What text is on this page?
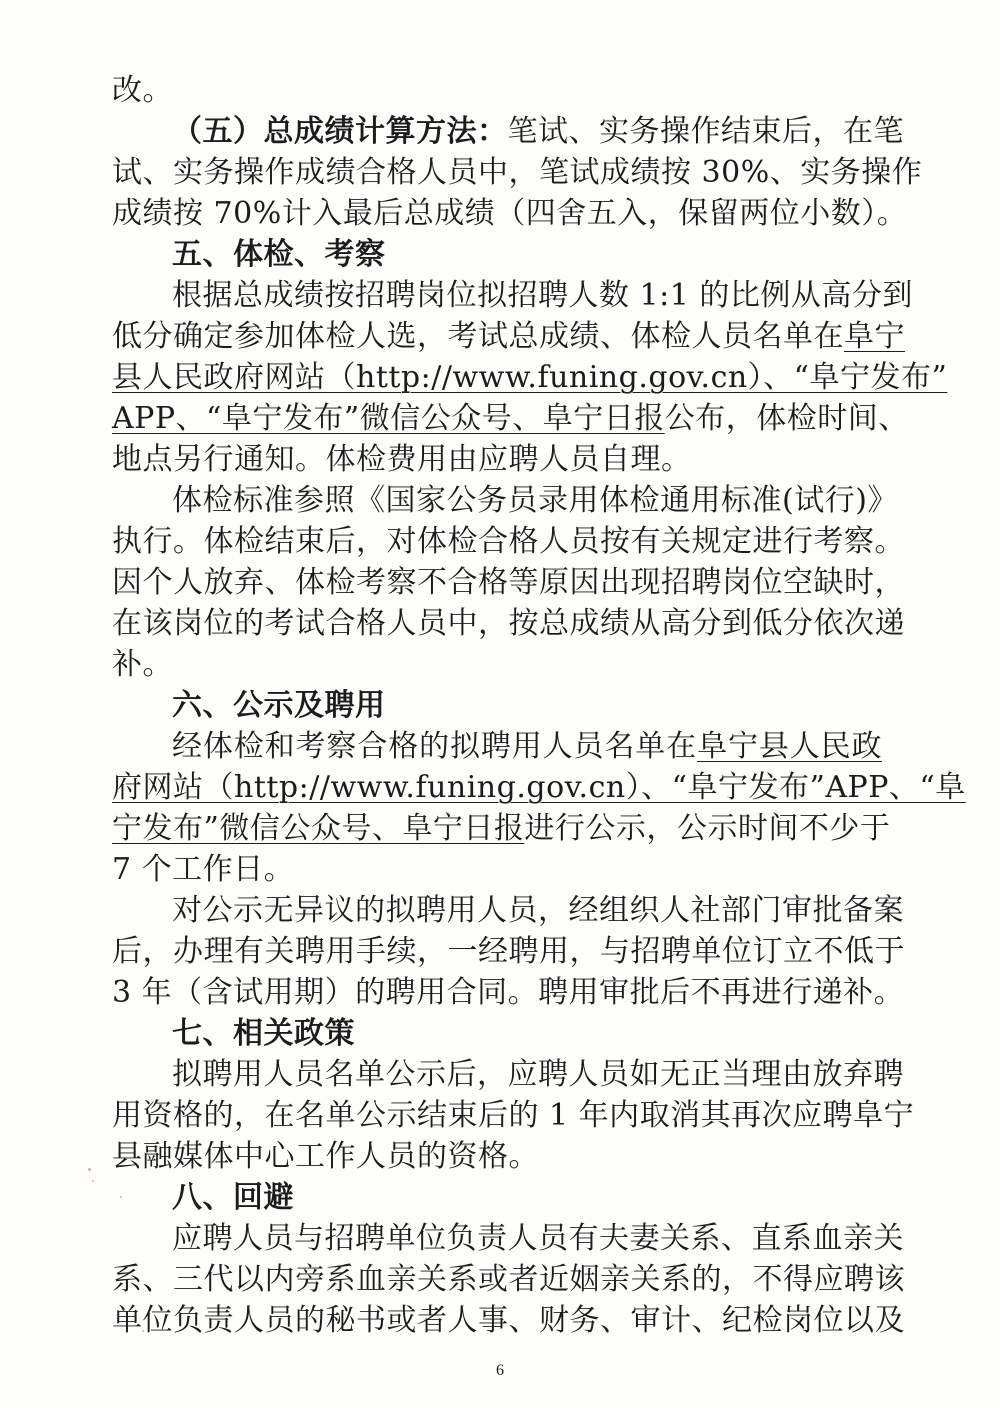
改。
（五）总成绩计算方法：笔试、实务操作结束后，在笔
试、实务操作成绩合格人员中，笔试成绩按 30%、实务操作
成绩按 70%计入最后总成绩（四舍五入，保留两位小数）。
五、体检、考察
根据总成绩按招聘岗位拟招聘人数 1:1 的比例从高分到
低分确定参加体检人选，考试总成绩、体检人员名单在阜宁
县人民政府网站（http://www.funing.gov.cn）、“阜宁发布”
APP、“阜宁发布”微信公众号、阜宁日报公布，体检时间、
地点另行通知。体检费用由应聘人员自理。
体检标准参照《国家公务员录用体检通用标准(试行)》
执行。体检结束后，对体检合格人员按有关规定进行考察。
因个人放弃、体检考察不合格等原因出现招聘岗位空缺时，
在该岗位的考试合格人员中，按总成绩从高分到低分依次递
补。
六、公示及聘用
经体检和考察合格的拟聘用人员名单在阜宁县人民政
府网站（http://www.funing.gov.cn）、“阜宁发布”APP、“阜
宁发布”微信公众号、阜宁日报进行公示，公示时间不少于
7 个工作日。
对公示无异议的拟聘用人员，经组织人社部门审批备案
后，办理有关聘用手续，一经聘用，与招聘单位订立不低于
3 年（含试用期）的聘用合同。聘用审批后不再进行递补。
七、相关政策
拟聘用人员名单公示后，应聘人员如无正当理由放弃聘
用资格的，在名单公示结束后的 1 年内取消其再次应聘阜宁
县融媒体中心工作人员的资格。
6
八、回避
应聘人员与招聘单位负责人员有夫妻关系、直系血亲关
系、三代以内旁系血亲关系或者近姻亲关系的，不得应聘该
单位负责人员的秘书或者人事、财务、审计、纪检岗位以及
